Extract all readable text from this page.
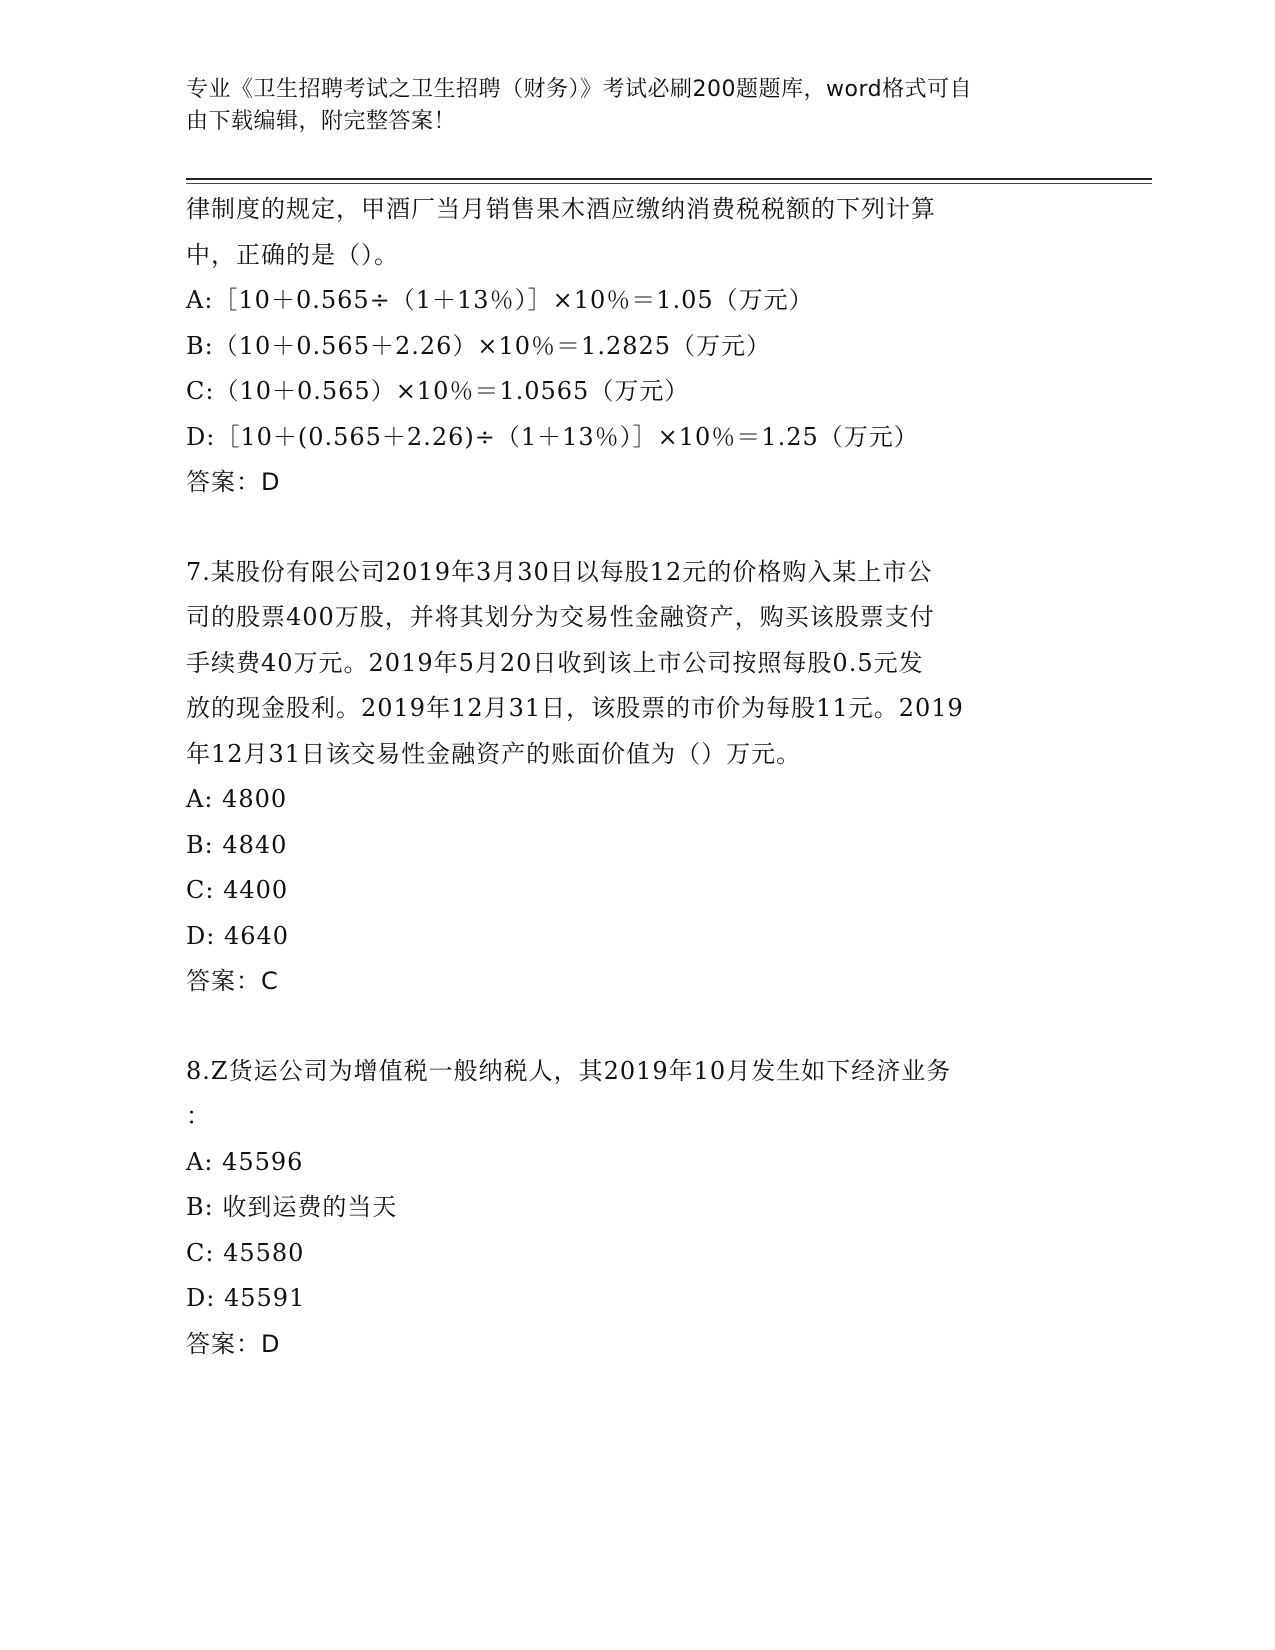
专业《卫生招聘考试之卫生招聘（财务）》考试必刷200题题库，word格式可自
由下载编辑，附完整答案！
律制度的规定，甲酒厂当月销售果木酒应缴纳消费税税额的下列计算
中，正确的是（）。
A:［10＋0.565÷（1＋13％）］×10％＝1.05（万元）
B:（10＋0.565＋2.26）×10％＝1.2825（万元）
C:（10＋0.565）×10％＝1.0565（万元）
D:［10＋(0.565＋2.26)÷（1＋13％）］×10％＝1.25（万元）
答案：D
7.某股份有限公司2019年3月30日以每股12元的价格购入某上市公
司的股票400万股，并将其划分为交易性金融资产，购买该股票支付
手续费40万元。2019年5月20日收到该上市公司按照每股0.5元发
放的现金股利。2019年12月31日，该股票的市价为每股11元。2019
年12月31日该交易性金融资产的账面价值为（）万元。
A: 4800
B: 4840
C: 4400
D: 4640
答案：C
8.Z货运公司为增值税一般纳税人，其2019年10月发生如下经济业务
：
A: 45596
B: 收到运费的当天
C: 45580
D: 45591
答案：D
